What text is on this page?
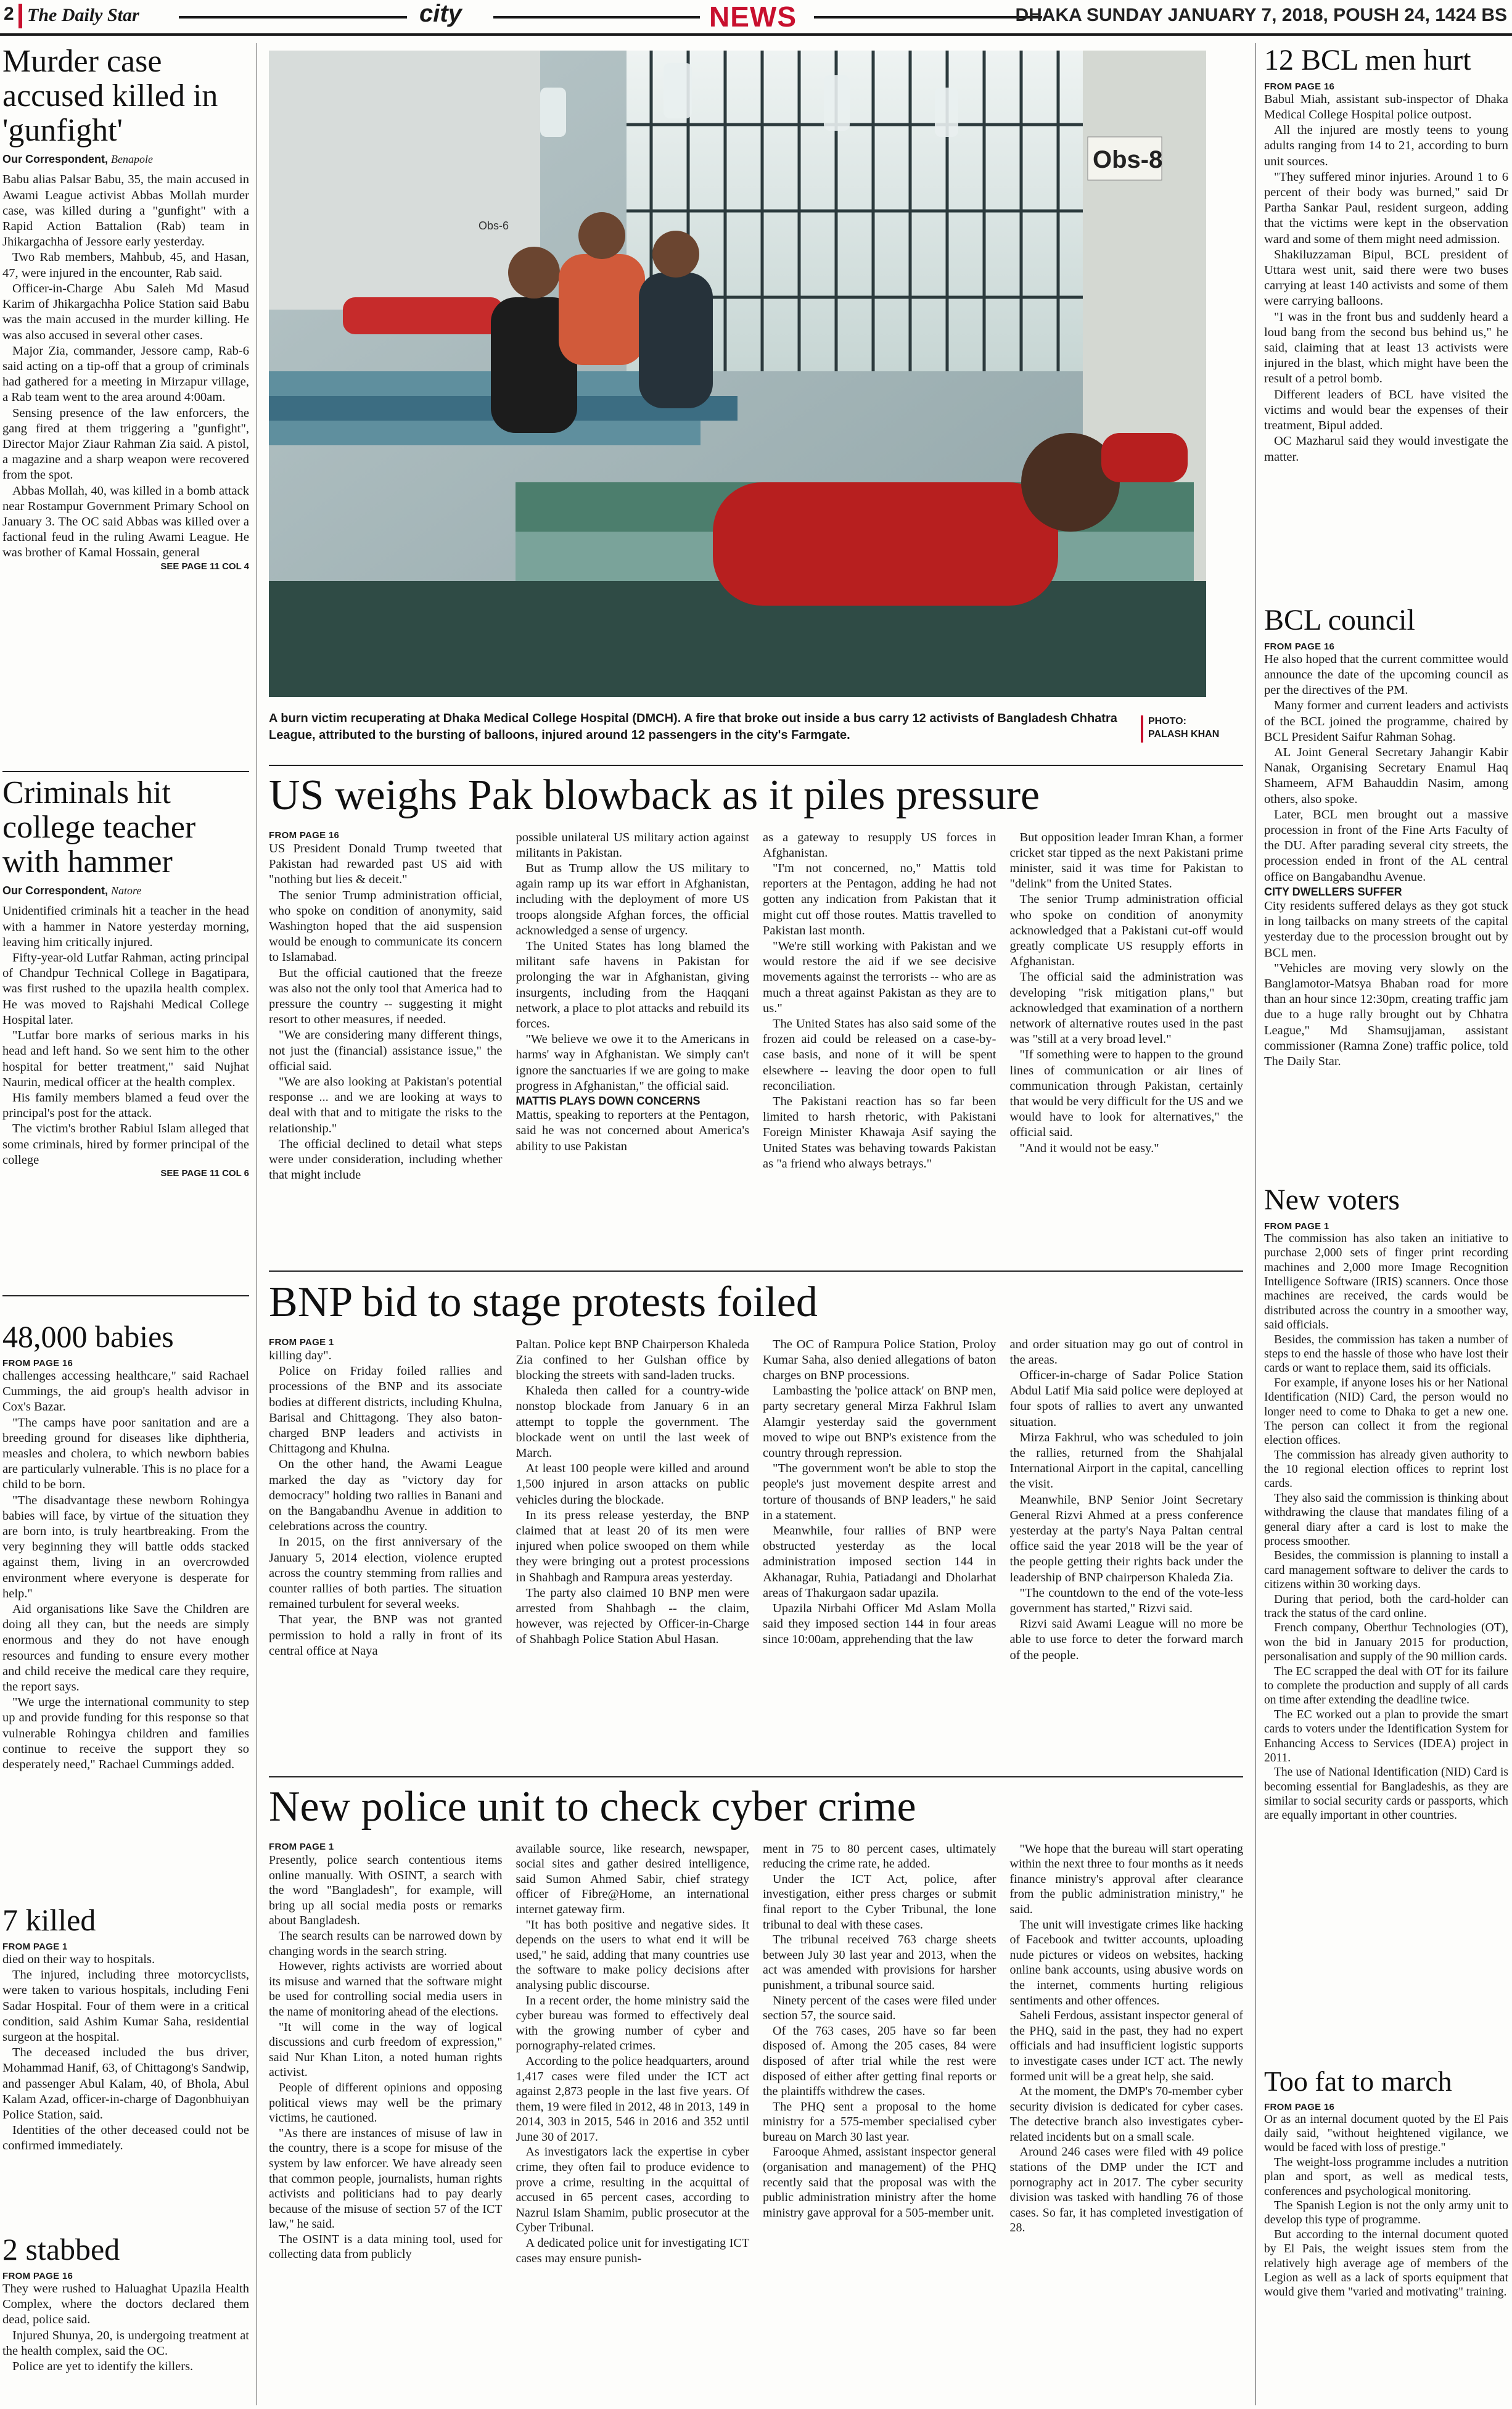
2 The Daily Star	city	NEWS	DHAKA SUNDAY JANUARY 7, 2018, POUSH 24, 1424 BS
Murder case accused killed in 'gunfight'
Our Correspondent, Benapole

Babu alias Palsar Babu, 35, the main accused in Awami League activist Abbas Mollah murder case, was killed during a "gunfight" with a Rapid Action Battalion (Rab) team in Jhikargachha of Jessore early yesterday.

Two Rab members, Mahbub, 45, and Hasan, 47, were injured in the encounter, Rab said.

Officer-in-Charge Abu Saleh Md Masud Karim of Jhikargachha Police Station said Babu was the main accused in the murder killing. He was also accused in several other cases.

Major Zia, commander, Jessore camp, Rab-6 said acting on a tip-off that a group of criminals had gathered for a meeting in Mirzapur village, a Rab team went to the area around 4:00am.

Sensing presence of the law enforcers, the gang fired at them triggering a "gunfight", Director Major Ziaur Rahman Zia said. A pistol, a magazine and a sharp weapon were recovered from the spot.

Abbas Mollah, 40, was killed in a bomb attack near Rostampur Government Primary School on January 3. The OC said Abbas was killed over a factional feud in the ruling Awami League. He was brother of Kamal Hossain, general

SEE PAGE 11 COL 4

Criminals hit college teacher with hammer
Our Correspondent, Natore

Unidentified criminals hit a teacher in the head with a hammer in Natore yesterday morning, leaving him critically injured.

Fifty-year-old Lutfar Rahman, acting principal of Chandpur Technical College in Bagatipara, was first rushed to the upazila health complex. He was moved to Rajshahi Medical College Hospital later.

"Lutfar bore marks of serious marks in his head and left hand. So we sent him to the other hospital for better treatment," said Nujhat Naurin, medical officer at the health complex.

His family members blamed a feud over the principal's post for the attack.

The victim's brother Rabiul Islam alleged that some criminals, hired by former principal of the college

SEE PAGE 11 COL 6

48,000 babies
FROM PAGE 16

challenges accessing healthcare," said Rachael Cummings, the aid group's health advisor in Cox's Bazar.

"The camps have poor sanitation and are a breeding ground for diseases like diphtheria, measles and cholera, to which newborn babies are particularly vulnerable. This is no place for a child to be born.

"The disadvantage these newborn Rohingya babies will face, by virtue of the situation they are born into, is truly heartbreaking. From the very beginning they will battle odds stacked against them, living in an overcrowded environment where everyone is desperate for help."

Aid organisations like Save the Children are doing all they can, but the needs are simply enormous and they do not have enough resources and funding to ensure every mother and child receive the medical care they require, the report says.

"We urge the international community to step up and provide funding for this response so that vulnerable Rohingya children and families continue to receive the support they so desperately need," Rachael Cummings added.

7 killed
FROM PAGE 1

died on their way to hospitals.

The injured, including three motorcyclists, were taken to various hospitals, including Feni Sadar Hospital. Four of them were in a critical condition, said Ashim Kumar Saha, residential surgeon at the hospital.

The deceased included the bus driver, Mohammad Hanif, 63, of Chittagong's Sandwip, and passenger Abul Kalam, 40, of Bhola, Abul Kalam Azad, officer-in-charge of Dagonbhuiyan Police Station, said.

Identities of the other deceased could not be confirmed immediately.

2 stabbed
FROM PAGE 16

They were rushed to Haluaghat Upazila Health Complex, where the doctors declared them dead, police said.

Injured Shunya, 20, is undergoing treatment at the health complex, said the OC.

Police are yet to identify the killers.

Obs-8
Obs-6
A burn victim recuperating at Dhaka Medical College Hospital (DMCH). A fire that broke out inside a bus carry 12 activists of Bangladesh Chhatra League, attributed to the bursting of balloons, injured around 12 passengers in the city's Farmgate.
PHOTO:
PALASH KHAN
US weighs Pak blowback as it piles pressure
FROM PAGE 16

US President Donald Trump tweeted that Pakistan had rewarded past US aid with "nothing but lies & deceit."

The senior Trump administration official, who spoke on condition of anonymity, said Washington hoped that the aid suspension would be enough to communicate its concern to Islamabad.

But the official cautioned that the freeze was also not the only tool that America had to pressure the country -- suggesting it might resort to other measures, if needed.

"We are considering many different things, not just the (financial) assistance issue," the official said.

"We are also looking at Pakistan's potential response ... and we are looking at ways to deal with that and to mitigate the risks to the relationship."

The official declined to detail what steps were under consideration, including whether that might include

possible unilateral US military action against militants in Pakistan.

But as Trump allow the US military to again ramp up its war effort in Afghanistan, including with the deployment of more US troops alongside Afghan forces, the official acknowledged a sense of urgency.

The United States has long blamed the militant safe havens in Pakistan for prolonging the war in Afghanistan, giving insurgents, including from the Haqqani network, a place to plot attacks and rebuild its forces.

"We believe we owe it to the Americans in harms' way in Afghanistan. We simply can't ignore the sanctuaries if we are going to make progress in Afghanistan," the official said.

MATTIS PLAYS DOWN CONCERNS

Mattis, speaking to reporters at the Pentagon, said he was not concerned about America's ability to use Pakistan

as a gateway to resupply US forces in Afghanistan.

"I'm not concerned, no," Mattis told reporters at the Pentagon, adding he had not gotten any indication from Pakistan that it might cut off those routes. Mattis travelled to Pakistan last month.

"We're still working with Pakistan and we would restore the aid if we see decisive movements against the terrorists -- who are as much a threat against Pakistan as they are to us."

The United States has also said some of the frozen aid could be released on a case-by-case basis, and none of it will be spent elsewhere -- leaving the door open to full reconciliation.

The Pakistani reaction has so far been limited to harsh rhetoric, with Pakistani Foreign Minister Khawaja Asif saying the United States was behaving towards Pakistan as "a friend who always betrays."

But opposition leader Imran Khan, a former cricket star tipped as the next Pakistani prime minister, said it was time for Pakistan to "delink" from the United States.

The senior Trump administration official who spoke on condition of anonymity acknowledged that a Pakistani cut-off would greatly complicate US resupply efforts in Afghanistan.

The official said the administration was developing "risk mitigation plans," but acknowledged that examination of a northern network of alternative routes used in the past was "still at a very broad level."

"If something were to happen to the ground lines of communication or air lines of communication through Pakistan, certainly that would be very difficult for the US and we would have to look for alternatives," the official said.

"And it would not be easy."

BNP bid to stage protests foiled
FROM PAGE 1

killing day".

Police on Friday foiled rallies and processions of the BNP and its associate bodies at different districts, including Khulna, Barisal and Chittagong. They also baton-charged BNP leaders and activists in Chittagong and Khulna.

On the other hand, the Awami League marked the day as "victory day for democracy" holding two rallies in Banani and on the Bangabandhu Avenue in addition to celebrations across the country.

In 2015, on the first anniversary of the January 5, 2014 election, violence erupted across the country stemming from rallies and counter rallies of both parties. The situation remained turbulent for several weeks.

That year, the BNP was not granted permission to hold a rally in front of its central office at Naya

Paltan. Police kept BNP Chairperson Khaleda Zia confined to her Gulshan office by blocking the streets with sand-laden trucks.

Khaleda then called for a country-wide nonstop blockade from January 6 in an attempt to topple the government. The blockade went on until the last week of March.

At least 100 people were killed and around 1,500 injured in arson attacks on public vehicles during the blockade.

In its press release yesterday, the BNP claimed that at least 20 of its men were injured when police swooped on them while they were bringing out a protest processions in Shahbagh and Rampura areas yesterday.

The party also claimed 10 BNP men were arrested from Shahbagh -- the claim, however, was rejected by Officer-in-Charge of Shahbagh Police Station Abul Hasan.

The OC of Rampura Police Station, Proloy Kumar Saha, also denied allegations of baton charges on BNP processions.

Lambasting the 'police attack' on BNP men, party secretary general Mirza Fakhrul Islam Alamgir yesterday said the government moved to wipe out BNP's existence from the country through repression.

"The government won't be able to stop the people's just movement despite arrest and torture of thousands of BNP leaders," he said in a statement.

Meanwhile, four rallies of BNP were obstructed yesterday as the local administration imposed section 144 in Akhanagar, Ruhia, Patiadangi and Dholarhat areas of Thakurgaon sadar upazila.

Upazila Nirbahi Officer Md Aslam Molla said they imposed section 144 in four areas since 10:00am, apprehending that the law

and order situation may go out of control in the areas.

Officer-in-charge of Sadar Police Station Abdul Latif Mia said police were deployed at four spots of rallies to avert any unwanted situation.

Mirza Fakhrul, who was scheduled to join the rallies, returned from the Shahjalal International Airport in the capital, cancelling the visit.

Meanwhile, BNP Senior Joint Secretary General Rizvi Ahmed at a press conference yesterday at the party's Naya Paltan central office said the year 2018 will be the year of the people getting their rights back under the leadership of BNP chairperson Khaleda Zia.

"The countdown to the end of the vote-less government has started," Rizvi said.

Rizvi said Awami League will no more be able to use force to deter the forward march of the people.

New police unit to check cyber crime
FROM PAGE 1

Presently, police search contentious items online manually. With OSINT, a search with the word "Bangladesh", for example, will bring up all social media posts or remarks about Bangladesh.

The search results can be narrowed down by changing words in the search string.

However, rights activists are worried about its misuse and warned that the software might be used for controlling social media users in the name of monitoring ahead of the elections.

"It will come in the way of logical discussions and curb freedom of expression," said Nur Khan Liton, a noted human rights activist.

People of different opinions and opposing political views may well be the primary victims, he cautioned.

"As there are instances of misuse of law in the country, there is a scope for misuse of the system by law enforcer. We have already seen that common people, journalists, human rights activists and politicians had to pay dearly because of the misuse of section 57 of the ICT law," he said.

The OSINT is a data mining tool, used for collecting data from publicly

available source, like research, newspaper, social sites and gather desired intelligence, said Sumon Ahmed Sabir, chief strategy officer of Fibre@Home, an international internet gateway firm.

"It has both positive and negative sides. It depends on the users to what end it will be used," he said, adding that many countries use the software to make policy decisions after analysing public discourse.

In a recent order, the home ministry said the cyber bureau was formed to effectively deal with the growing number of cyber and pornography-related crimes.

According to the police headquarters, around 1,417 cases were filed under the ICT act against 2,873 people in the last five years. Of them, 19 were filed in 2012, 48 in 2013, 149 in 2014, 303 in 2015, 546 in 2016 and 352 until June 30 of 2017.

As investigators lack the expertise in cyber crime, they often fail to produce evidence to prove a crime, resulting in the acquittal of accused in 65 percent cases, according to Nazrul Islam Shamim, public prosecutor at the Cyber Tribunal.

A dedicated police unit for investigating ICT cases may ensure punish-

ment in 75 to 80 percent cases, ultimately reducing the crime rate, he added.

Under the ICT Act, police, after investigation, either press charges or submit final report to the Cyber Tribunal, the lone tribunal to deal with these cases.

The tribunal received 763 charge sheets between July 30 last year and 2013, when the act was amended with provisions for harsher punishment, a tribunal source said.

Ninety percent of the cases were filed under section 57, the source said.

Of the 763 cases, 205 have so far been disposed of. Among the 205 cases, 84 were disposed of after trial while the rest were disposed of either after getting final reports or the plaintiffs withdrew the cases.

The PHQ sent a proposal to the home ministry for a 575-member specialised cyber bureau on March 30 last year.

Farooque Ahmed, assistant inspector general (organisation and management) of the PHQ recently said that the proposal was with the public administration ministry after the home ministry gave approval for a 505-member unit.

"We hope that the bureau will start operating within the next three to four months as it needs finance ministry's approval after clearance from the public administration ministry," he said.

The unit will investigate crimes like hacking of Facebook and twitter accounts, uploading nude pictures or videos on websites, hacking online bank accounts, using abusive words on the internet, comments hurting religious sentiments and other offences.

Saheli Ferdous, assistant inspector general of the PHQ, said in the past, they had no expert officials and had insufficient logistic supports to investigate cases under ICT act. The newly formed unit will be a great help, she said.

At the moment, the DMP's 70-member cyber security division is dedicated for cyber cases. The detective branch also investigates cyber-related incidents but on a small scale.

Around 246 cases were filed with 49 police stations of the DMP under the ICT and pornography act in 2017. The cyber security division was tasked with handling 76 of those cases. So far, it has completed investigation of 28.

12 BCL men hurt
FROM PAGE 16

Babul Miah, assistant sub-inspector of Dhaka Medical College Hospital police outpost.

All the injured are mostly teens to young adults ranging from 14 to 21, according to burn unit sources.

"They suffered minor injuries. Around 1 to 6 percent of their body was burned," said Dr Partha Sankar Paul, resident surgeon, adding that the victims were kept in the observation ward and some of them might need admission.

Shakiluzzaman Bipul, BCL president of Uttara west unit, said there were two buses carrying at least 140 activists and some of them were carrying balloons.

"I was in the front bus and suddenly heard a loud bang from the second bus behind us," he said, claiming that at least 13 activists were injured in the blast, which might have been the result of a petrol bomb.

Different leaders of BCL have visited the victims and would bear the expenses of their treatment, Bipul added.

OC Mazharul said they would investigate the matter.

BCL council
FROM PAGE 16

He also hoped that the current committee would announce the date of the upcoming council as per the directives of the PM.

Many former and current leaders and activists of the BCL joined the programme, chaired by BCL President Saifur Rahman Sohag.

AL Joint General Secretary Jahangir Kabir Nanak, Organising Secretary Enamul Haq Shameem, AFM Bahauddin Nasim, among others, also spoke.

Later, BCL men brought out a massive procession in front of the Fine Arts Faculty of the DU. After parading several city streets, the procession ended in front of the AL central office on Bangabandhu Avenue.

CITY DWELLERS SUFFER

City residents suffered delays as they got stuck in long tailbacks on many streets of the capital yesterday due to the procession brought out by BCL men.

"Vehicles are moving very slowly on the Banglamotor-Matsya Bhaban road for more than an hour since 12:30pm, creating traffic jam due to a huge rally brought out by Chhatra League," Md Shamsujjaman, assistant commissioner (Ramna Zone) traffic police, told The Daily Star.

New voters
FROM PAGE 1

The commission has also taken an initiative to purchase 2,000 sets of finger print recording machines and 2,000 more Image Recognition Intelligence Software (IRIS) scanners. Once those machines are received, the cards would be distributed across the country in a smoother way, said officials.

Besides, the commission has taken a number of steps to end the hassle of those who have lost their cards or want to replace them, said its officials.

For example, if anyone loses his or her National Identification (NID) Card, the person would no longer need to come to Dhaka to get a new one. The person can collect it from the regional election offices.

The commission has already given authority to the 10 regional election offices to reprint lost cards.

They also said the commission is thinking about withdrawing the clause that mandates filing of a general diary after a card is lost to make the process smoother.

Besides, the commission is planning to install a card management software to deliver the cards to citizens within 30 working days.

During that period, both the card-holder can track the status of the card online.

French company, Oberthur Technologies (OT), won the bid in January 2015 for production, personalisation and supply of the 90 million cards.

The EC scrapped the deal with OT for its failure to complete the production and supply of all cards on time after extending the deadline twice.

The EC worked out a plan to provide the smart cards to voters under the Identification System for Enhancing Access to Services (IDEA) project in 2011.

The use of National Identification (NID) Card is becoming essential for Bangladeshis, as they are similar to social security cards or passports, which are equally important in other countries.

Too fat to march
FROM PAGE 16

Or as an internal document quoted by the El Pais daily said, "without heightened vigilance, we would be faced with loss of prestige."

The weight-loss programme includes a nutrition plan and sport, as well as medical tests, conferences and psychological monitoring.

The Spanish Legion is not the only army unit to develop this type of programme.

But according to the internal document quoted by El Pais, the weight issues stem from the relatively high average age of members of the Legion as well as a lack of sports equipment that would give them "varied and motivating" training.
